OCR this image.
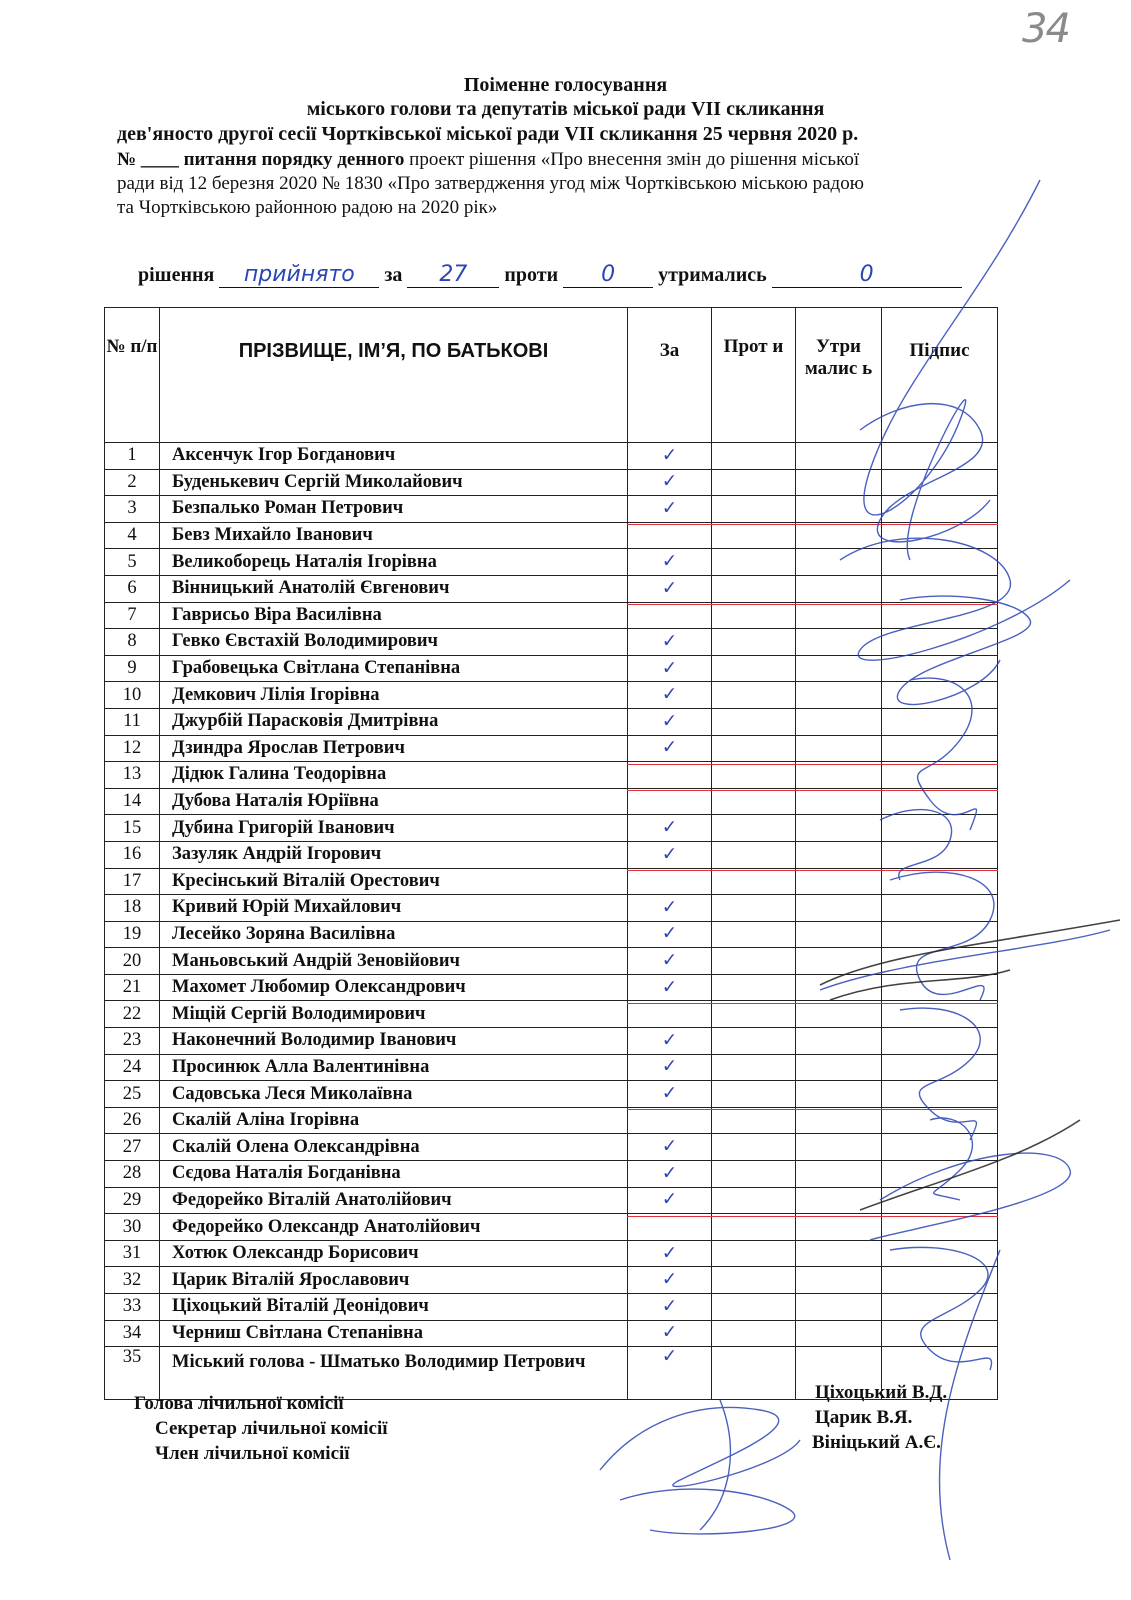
34
Поіменне голосування
міського голови та депутатів міської ради VII скликання
дев'яносто другої сесії Чортківської міської ради VII скликання 25 червня 2020 р.
№ ____ питання порядку денного проект рішення «Про внесення змін до рішення міської
ради від 12 березня 2020 № 1830 «Про затвердження угод між Чортківською міською радою
та Чортківською районною радою на 2020 рік»
рішення прийнято за 27 проти 0 утримались	0
№ п/п	ПРІЗВИЩЕ, ІМ’Я, ПО БАТЬКОВІ	За	Прот и	Утри малис ь	Підпис
1	Аксенчук Ігор Богданович	✓			
2	Буденькевич Сергій Миколайович	✓			
3	Безпалько Роман Петрович	✓			
4	Бевз Михайло Іванович				
5	Великоборець Наталія Ігорівна	✓			
6	Вінницький Анатолій Євгенович	✓			
7	Гаврисьо Віра Василівна				
8	Гевко Євстахій Володимирович	✓			
9	Грабовецька Світлана Степанівна	✓			
10	Демкович Лілія Ігорівна	✓			
11	Джурбій Парасковія Дмитрівна	✓			
12	Дзиндра Ярослав Петрович	✓			
13	Дідюк Галина Теодорівна				
14	Дубова Наталія Юріївна				
15	Дубина Григорій Іванович	✓			
16	Зазуляк Андрій Ігорович	✓			
17	Кресінський Віталій Орестович				
18	Кривий Юрій Михайлович	✓			
19	Лесейко Зоряна Василівна	✓			
20	Маньовський Андрій Зеновійович	✓			
21	Махомет Любомир Олександрович	✓			
22	Міщій Сергій Володимирович				
23	Наконечний Володимир Іванович	✓			
24	Просинюк Алла Валентинівна	✓			
25	Садовська Леся Миколаївна	✓			
26	Скалій Аліна Ігорівна				
27	Скалій Олена Олександрівна	✓			
28	Сєдова Наталія Богданівна	✓			
29	Федорейко Віталій Анатолійович	✓			
30	Федорейко Олександр Анатолійович				
31	Хотюк Олександр Борисович	✓			
32	Царик Віталій Ярославович	✓			
33	Ціхоцький Віталій Деонідович	✓			
34	Черниш Світлана Степанівна	✓			
35	Міський голова - Шматько Володимир Петрович	✓			
Голова лічильної комісії
Секретар лічильної комісії
Член лічильної комісії
Ціхоцький В.Д.
Царик В.Я.
Вініцький А.Є.
